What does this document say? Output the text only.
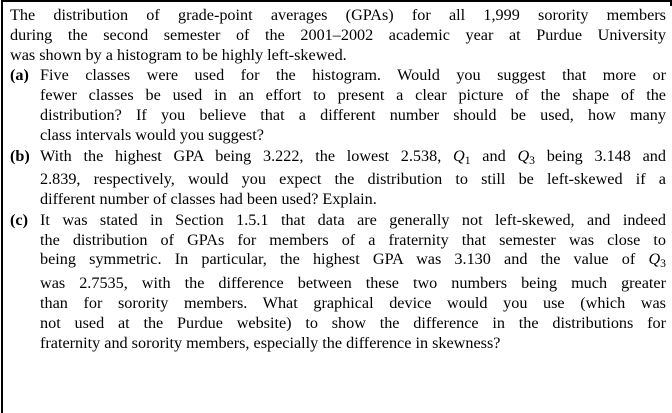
The distribution of grade-point averages (GPAs) for all 1,999 sorority members
during the second semester of the 2001–2002 academic year at Purdue University
was shown by a histogram to be highly left-skewed.

(a) Five classes were used for the histogram. Would you suggest that more or
fewer classes be used in an effort to present a clear picture of the shape of the
distribution? If you believe that a different number should be used, how many
class intervals would you suggest?

(b) With the highest GPA being 3.222, the lowest 2.538, $Q_1$ and $Q_3$ being 3.148 and
2.839, respectively, would you expect the distribution to still be left-skewed if a
different number of classes had been used? Explain.

(c) It was stated in Section 1.5.1 that data are generally not left-skewed, and indeed
the distribution of GPAs for members of a fraternity that semester was close to
being symmetric. In particular, the highest GPA was 3.130 and the value of $Q_3$
was 2.7535, with the difference between these two numbers being much greater
than for sorority members. What graphical device would you use (which was
not used at the Purdue website) to show the difference in the distributions for
fraternity and sorority members, especially the difference in skewness?
